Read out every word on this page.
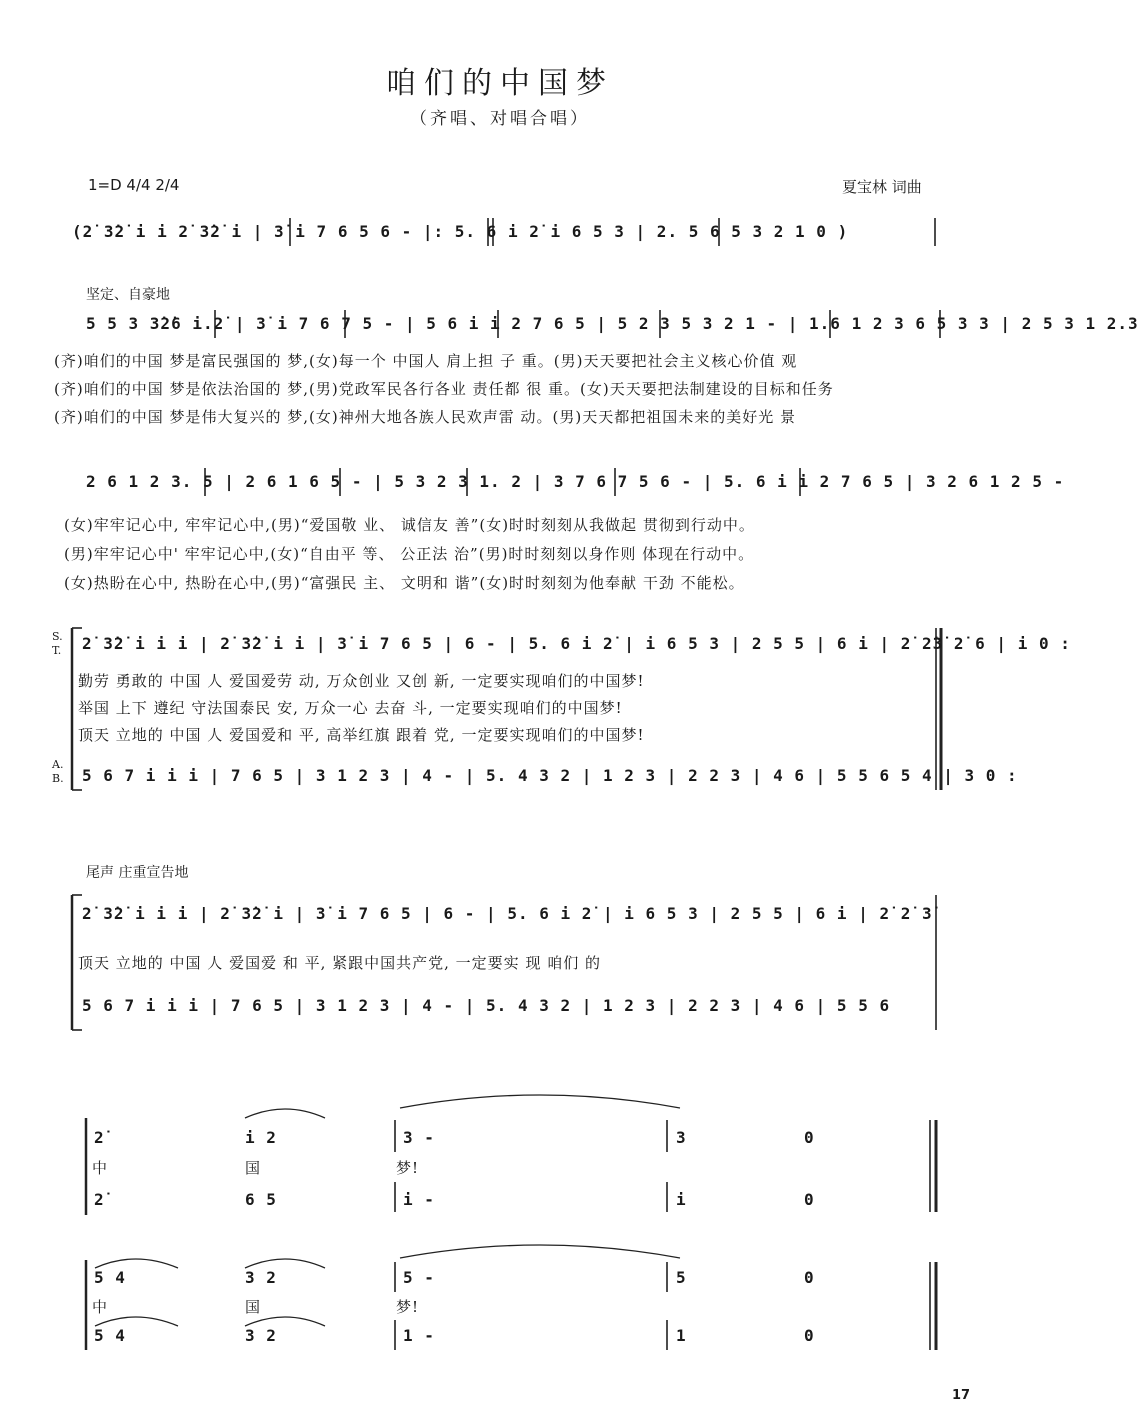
咱们的中国梦
（齐唱、对唱合唱）
1=D 4/4 2/4	夏宝林 词曲
(2̇ 3̇2̇ i i 2̇ 3̇2̇ i | 3̇ i 7 6 5 6 - |: 5. 6 i 2̇ i 6 5 3 | 2. 5 6 5 3 2 1 0 )
坚定、自豪地
5 5 3 3̇2̇6 i.2̇ | 3̇ i 7 6 7 5 - | 5 6 i i 2 7 6 5 | 5 2 3 5 3 2 1 - | 1.6 1 2 3 6 5 3 3 | 2 5 3 1 2.3
(齐)咱们的中国 梦是富民强国的 梦,(女)每一个 中国人 肩上担 子 重。(男)天天要把社会主义核心价值 观
(齐)咱们的中国 梦是依法治国的 梦,(男)党政军民各行各业 责任都 很 重。(女)天天要把法制建设的目标和任务
(齐)咱们的中国 梦是伟大复兴的 梦,(女)神州大地各族人民欢声雷 动。(男)天天都把祖国未来的美好光 景
2 6 1 2 3. 5 | 2 6 1 6 5 - | 5 3 2 3 1. 2 | 3 7 6 7 5 6 - | 5. 6 i i 2 7 6 5 | 3 2 6 1 2 5 -
(女)牢牢记心中, 牢牢记心中,(男)“爱国敬 业、 诚信友 善”(女)时时刻刻从我做起 贯彻到行动中。
(男)牢牢记心中' 牢牢记心中,(女)“自由平 等、 公正法 治”(男)时时刻刻以身作则 体现在行动中。
(女)热盼在心中, 热盼在心中,(男)“富强民 主、 文明和 谐”(女)时时刻刻为他奉献 干劲 不能松。
S.
T. 2̇ 3̇2̇ i i i | 2̇ 3̇2̇ i i | 3̇ i 7 6 5 | 6 - | 5. 6 i 2̇ | i 6 5 3 | 2 5 5 | 6 i | 2̇ 2̇3̇ 2̇ 6 | i 0 :
勤劳 勇敢的 中国 人 爱国爱劳 动, 万众创业 又创 新, 一定要实现咱们的中国梦!
举国 上下 遵纪 守法国泰民 安, 万众一心 去奋 斗, 一定要实现咱们的中国梦!
顶天 立地的 中国 人 爱国爱和 平, 高举红旗 跟着 党, 一定要实现咱们的中国梦!
A.
B. 5 6 7 i i i | 7 6 5 | 3 1 2 3 | 4 - | 5. 4 3 2 | 1 2 3 | 2 2 3 | 4 6 | 5 5 6 5 4 | 3 0 :
尾声 庄重宣告地
2̇ 3̇2̇ i i i | 2̇ 3̇2̇ i | 3̇ i 7 6 5 | 6 - | 5. 6 i 2̇ | i 6 5 3 | 2 5 5 | 6 i | 2̇ 2̇ 3̇
顶天 立地的 中国 人 爱国爱 和 平, 紧跟中国共产党, 一定要实 现 咱们 的
5 6 7 i i i | 7 6 5 | 3 1 2 3 | 4 - | 5. 4 3 2 | 1 2 3 | 2 2 3 | 4 6 | 5 5 6
2̇	i 2	3 -	3	0
中	国	梦!
2̇	6 5	i -	i	0
5 4	3 2	5 -	5	0
中	国	梦!
5 4	3 2	1 -	1	0
17
